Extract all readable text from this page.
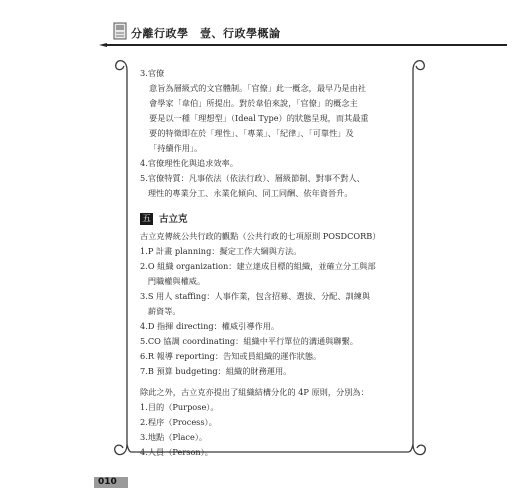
分離行政學　壹、行政學概論
3. 官僚
意旨為層級式的文官體制。「官僚」此一概念，最早乃是由社
會學家「韋伯」所提出。對於韋伯來說，「官僚」的概念主
要是以一種「理想型」（Ideal Type）的狀態呈現，而其最重
要的特徵即在於「理性」、「專業」、「紀律」、「可靠性」及
「持續作用」。
4. 官僚理性化與追求效率。
5. 官僚特質：凡事依法（依法行政）、層級節制、對事不對人、
理性的專業分工、永業化傾向、同工同酬、依年資晉升。
五 古立克
古立克傳統公共行政的觀點（公共行政的七項原則 POSDCORB）
1. P 計畫 planning：擬定工作大綱與方法。
2. O 組織 organization：建立達成目標的組織，並確立分工與部
門職權與權威。
3. S 用人 staffing：人事作業，包含招募、選拔、分配、訓練與
薪資等。
4. D 指揮 directing：權威引導作用。
5. CO 協調 coordinating：組織中平行單位的溝通與聯繫。
6. R 報導 reporting：告知或員組織的運作狀態。
7. B 預算 budgeting：組織的財務運用。
除此之外，古立克亦提出了組織結構分化的 4P 原則，分別為：
1. 目的（Purpose）。
2. 程序（Process）。
3. 地點（Place）。
4. 人員（Person）。
010
